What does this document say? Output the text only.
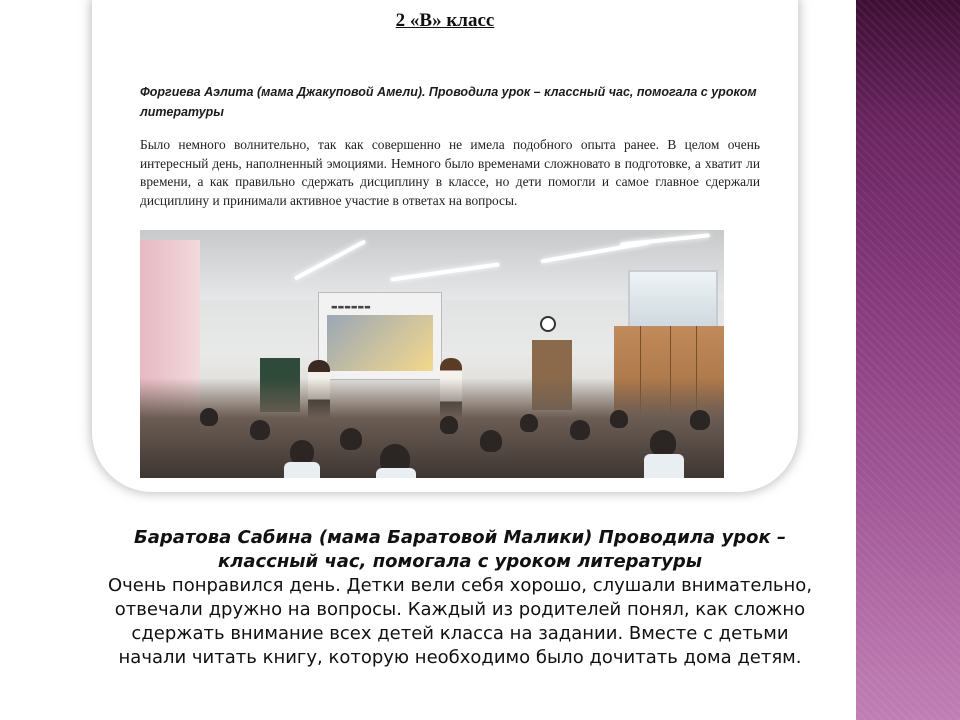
2 «В» класс
Форгиева Аэлита (мама Джакуповой Амели). Проводила урок – классный час, помогала с уроком литературы
Было немного волнительно, так как совершенно не имела подобного опыта ранее. В целом очень интересный день, наполненный эмоциями. Немного было временами сложновато в подготовке, а хватит ли времени, а как правильно сдержать дисциплину в классе, но дети помогли и самое главное сдержали дисциплину и принимали активное участие в ответах на вопросы.
▬▬▬▬▬▬
Баратова Сабина (мама Баратовой Малики) Проводила урок –
классный час, помогала с уроком литературы
Очень понравился день. Детки вели себя хорошо, слушали внимательно,
отвечали дружно на вопросы. Каждый из родителей понял, как сложно
сдержать внимание всех детей класса на задании. Вместе с детьми
начали читать книгу, которую необходимо было дочитать дома детям.
